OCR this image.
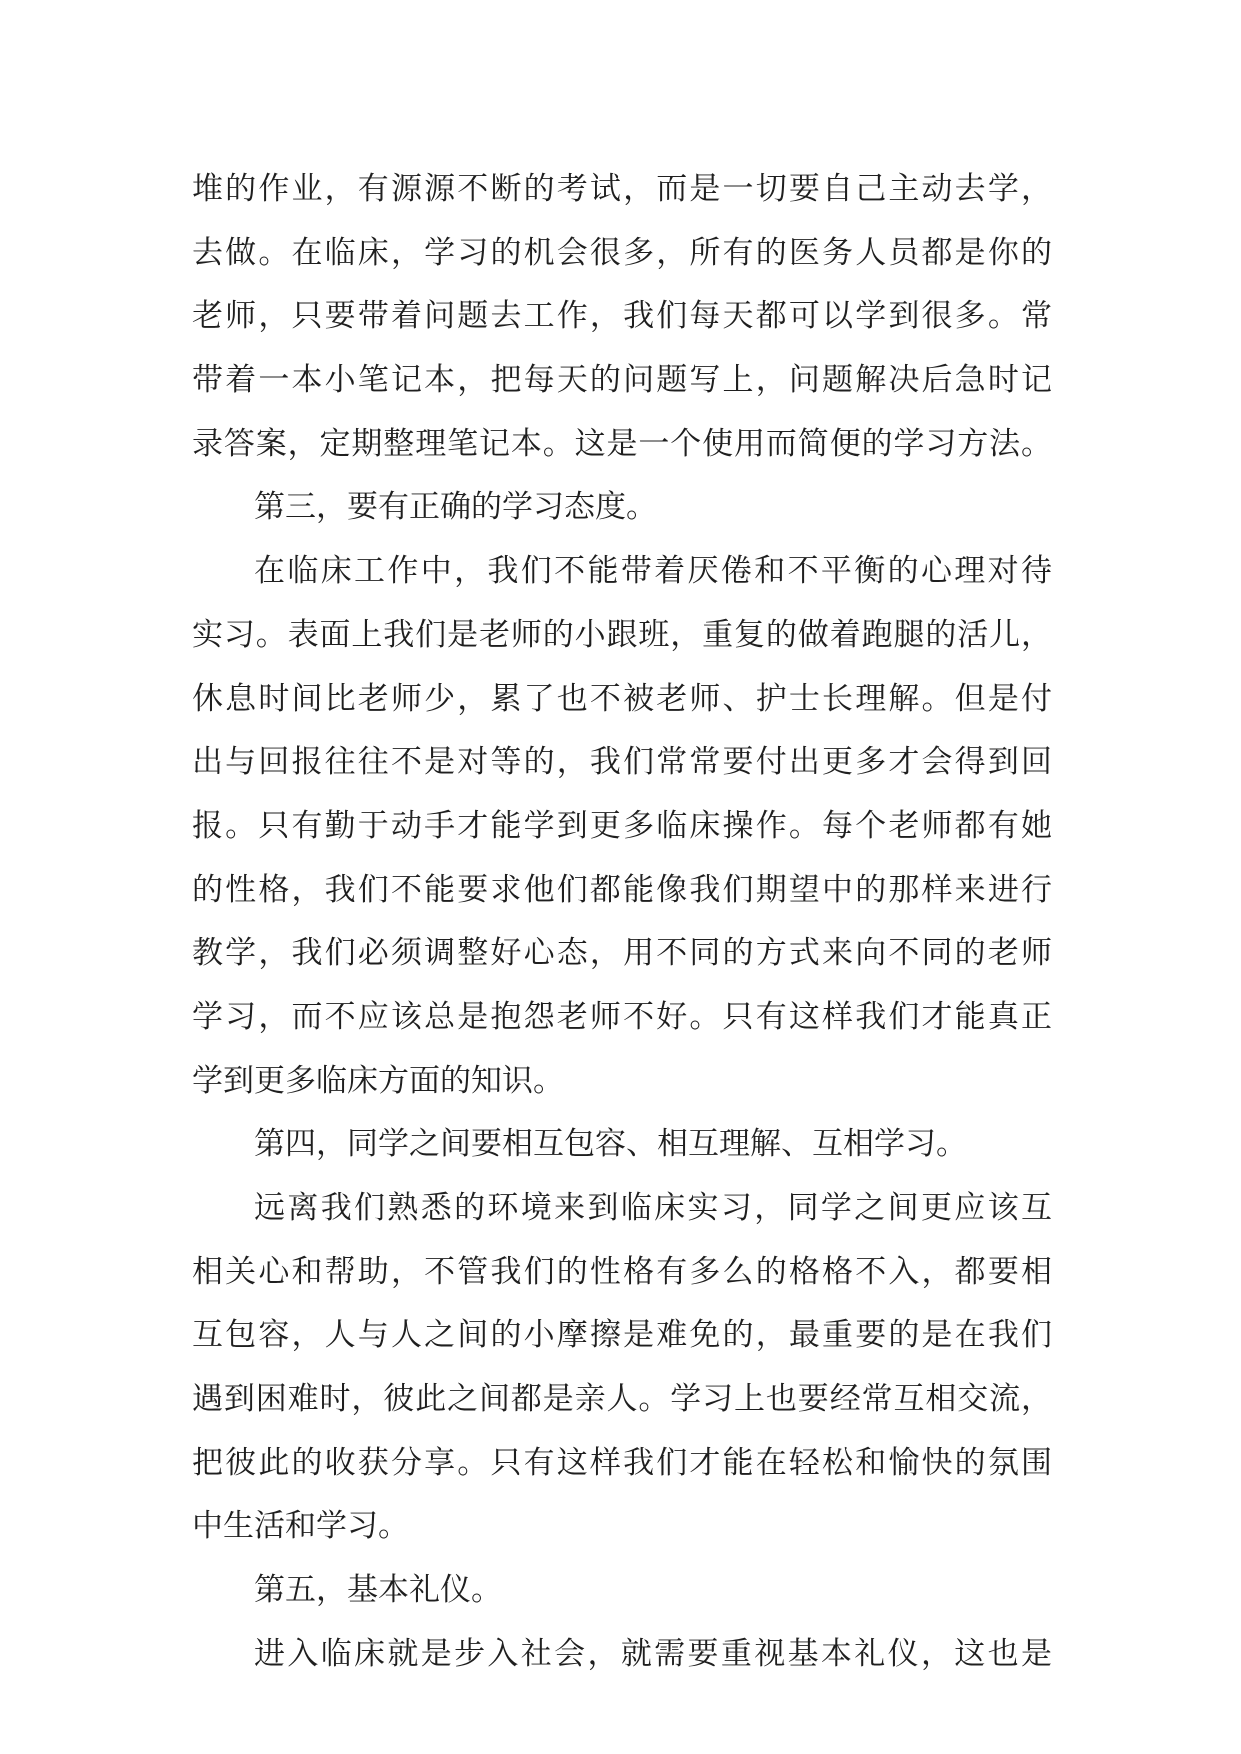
堆的作业，有源源不断的考试，而是一切要自己主动去学，
去做。在临床，学习的机会很多，所有的医务人员都是你的
老师，只要带着问题去工作，我们每天都可以学到很多。常
带着一本小笔记本，把每天的问题写上，问题解决后急时记
录答案，定期整理笔记本。这是一个使用而简便的学习方法。
第三，要有正确的学习态度。
在临床工作中，我们不能带着厌倦和不平衡的心理对待
实习。表面上我们是老师的小跟班，重复的做着跑腿的活儿，
休息时间比老师少，累了也不被老师、护士长理解。但是付
出与回报往往不是对等的，我们常常要付出更多才会得到回
报。只有勤于动手才能学到更多临床操作。每个老师都有她
的性格，我们不能要求他们都能像我们期望中的那样来进行
教学，我们必须调整好心态，用不同的方式来向不同的老师
学习，而不应该总是抱怨老师不好。只有这样我们才能真正
学到更多临床方面的知识。
第四，同学之间要相互包容、相互理解、互相学习。
远离我们熟悉的环境来到临床实习，同学之间更应该互
相关心和帮助，不管我们的性格有多么的格格不入，都要相
互包容，人与人之间的小摩擦是难免的，最重要的是在我们
遇到困难时，彼此之间都是亲人。学习上也要经常互相交流，
把彼此的收获分享。只有这样我们才能在轻松和愉快的氛围
中生活和学习。
第五，基本礼仪。
进入临床就是步入社会，就需要重视基本礼仪，这也是
